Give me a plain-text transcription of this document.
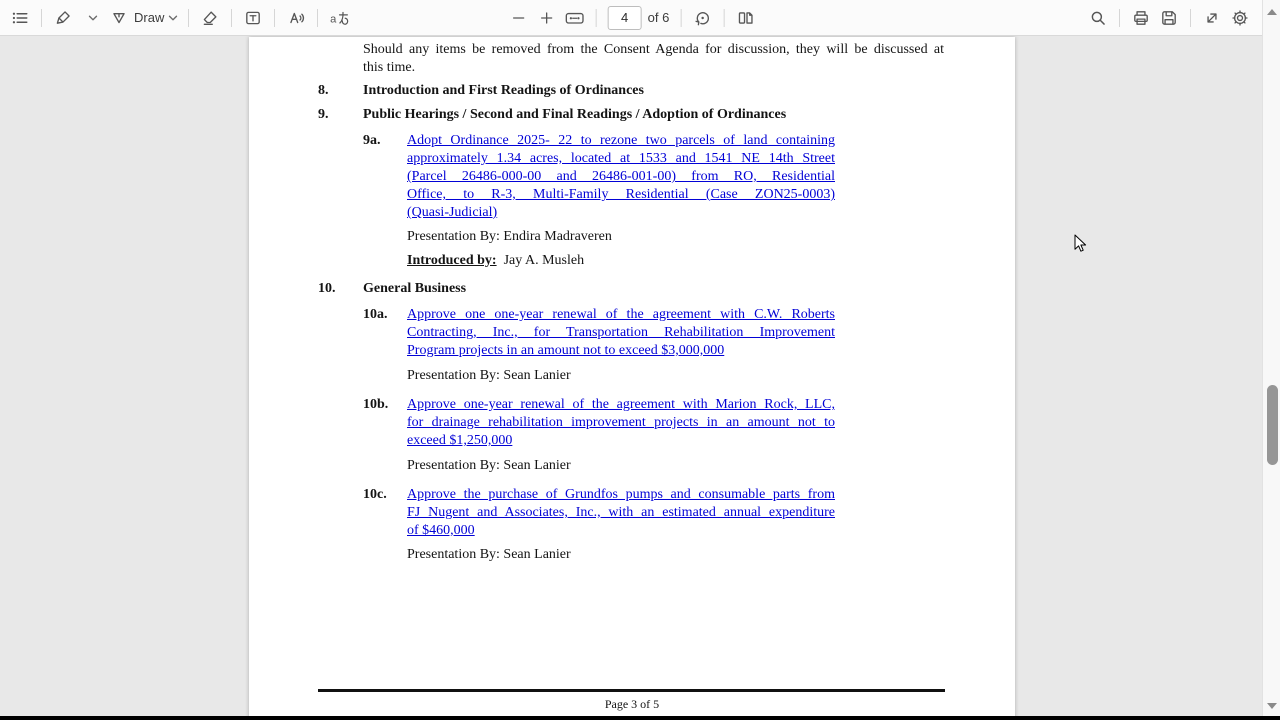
Draw	a
4	of 6
Should any items be removed from the Consent Agenda for discussion, they will be discussed at
this time.
8. Introduction and First Readings of Ordinances
9. Public Hearings / Second and Final Readings / Adoption of Ordinances
9a. Adopt Ordinance 2025- 22 to rezone two parcels of land containing
approximately 1.34 acres, located at 1533 and 1541 NE 14th Street
(Parcel 26486-000-00 and 26486-001-00) from RO, Residential
Office, to R-3, Multi-Family Residential (Case ZON25-0003)
(Quasi-Judicial)
Presentation By: Endira Madraveren
Introduced by: Jay A. Musleh
10. General Business
10a. Approve one one-year renewal of the agreement with C.W. Roberts
Contracting, Inc., for Transportation Rehabilitation Improvement
Program projects in an amount not to exceed $3,000,000
Presentation By: Sean Lanier
10b. Approve one-year renewal of the agreement with Marion Rock, LLC,
for drainage rehabilitation improvement projects in an amount not to
exceed $1,250,000
Presentation By: Sean Lanier
10c. Approve the purchase of Grundfos pumps and consumable parts from
FJ Nugent and Associates, Inc., with an estimated annual expenditure
of $460,000
Presentation By: Sean Lanier
Page 3 of 5
